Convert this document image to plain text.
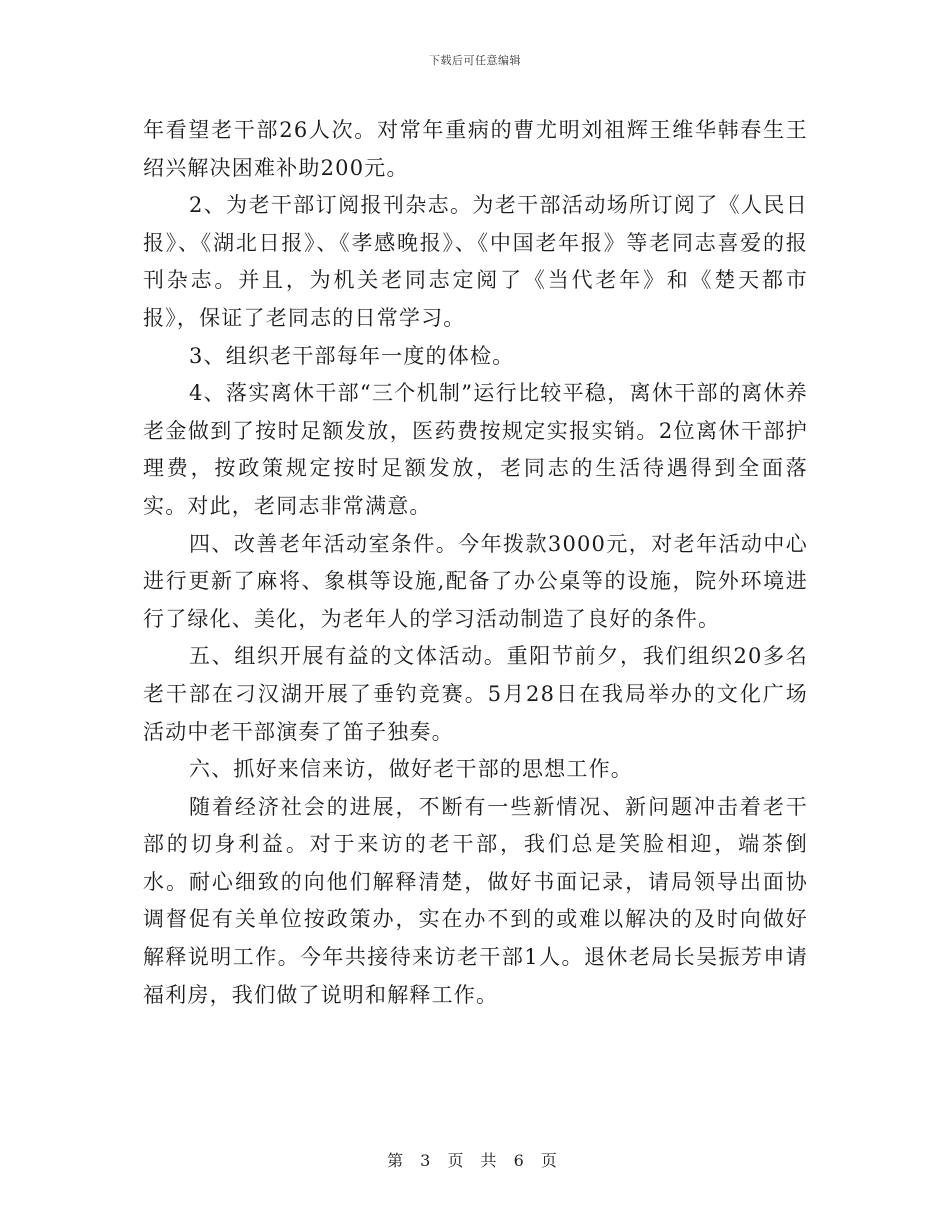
下载后可任意编辑

年看望老干部26人次。对常年重病的曹尤明刘祖辉王维华韩春生王绍兴解决困难补助200元。

2、为老干部订阅报刊杂志。为老干部活动场所订阅了《人民日报》、《湖北日报》、《孝感晚报》、《中国老年报》等老同志喜爱的报刊杂志。并且，为机关老同志定阅了《当代老年》和《楚天都市报》，保证了老同志的日常学习。

3、组织老干部每年一度的体检。

4、落实离休干部“三个机制”运行比较平稳，离休干部的离休养老金做到了按时足额发放，医药费按规定实报实销。2位离休干部护理费，按政策规定按时足额发放，老同志的生活待遇得到全面落实。对此，老同志非常满意。

四、改善老年活动室条件。今年拨款3000元，对老年活动中心进行更新了麻将、象棋等设施,配备了办公桌等的设施，院外环境进行了绿化、美化，为老年人的学习活动制造了良好的条件。

五、组织开展有益的文体活动。重阳节前夕，我们组织20多名老干部在刁汉湖开展了垂钓竞赛。5月28日在我局举办的文化广场活动中老干部演奏了笛子独奏。

六、抓好来信来访，做好老干部的思想工作。

随着经济社会的进展，不断有一些新情况、新问题冲击着老干部的切身利益。对于来访的老干部，我们总是笑脸相迎，端茶倒水。耐心细致的向他们解释清楚，做好书面记录，请局领导出面协调督促有关单位按政策办，实在办不到的或难以解决的及时向做好解释说明工作。今年共接待来访老干部1人。退休老局长吴振芳申请福利房，我们做了说明和解释工作。

第 3 页 共 6 页
